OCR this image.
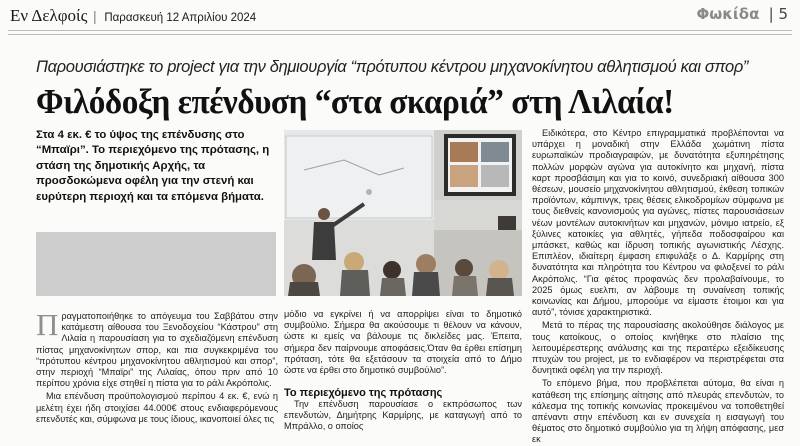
Εν Δελφοίς | Παρασκευή 12 Απριλίου 2024	Φωκίδα | 5
Παρουσιάστηκε το project για την δημιουργία “πρότυπου κέντρου μηχανοκίνητου αθλητισμού και σπορ”
Φιλόδοξη επένδυση “στα σκαριά” στη Λιλαία!

Στα 4 εκ. € το ύψος της επένδυσης στο “Μπαϊρι”. Το περιεχόμενο της πρότασης, η στάση της δημοτικής Αρχής, τα προσδοκώμενα οφέλη για την στενή και ευρύτερη περιοχή και τα επόμενα βήματα.

Πραγματοποιήθηκε το απόγευμα του Σαββάτου στην κατάμεστη αίθουσα του Ξενοδοχείου “Κάστρου” στη Λιλαία η παρουσίαση για το σχεδιαζόμενη επένδυση πίστας μηχανοκίνητων σπορ, και πια συγκεκριμένα του “πρότυπου κέντρου μηχανοκίνητου αθλητισμού και σπορ”, στην περιοχή “Μπαϊρι” της Λιλαίας, όπου πριν από 10 περίπου χρόνια είχε στηθεί η πίστα για το ράλι Ακρόπολις.

Μια επένδυση προϋπολογισμού περίπου 4 εκ. €, ενώ η μελέτη έχει ήδη στοιχίσει 44.000€ στους ενδιαφερόμενους επενδυτές και, σύμφωνα με τους ίδιους, ικανοποιεί όλες τις

μόδιο να εγκρίνει ή να απορρίψει είναι το δημοτικό συμβούλιο. Σήμερα θα ακούσουμε τι θέλουν να κάνουν, ώστε κι εμείς να βάλουμε τις δικλείδες μας. Έπειτα, σήμερα δεν παίρνουμε αποφάσεις.Όταν θα έρθει επίσημη πρόταση, τότε θα εξετάσουν τα στοιχεία από το Δήμο ώστε να έρθει στο δημοτικό συμβούλιο”.

Το περιεχόμενο της πρότασης

Την επένδυση παρουσίασε ο εκπρόσωπος των επενδυτών, Δημήτρης Καρμίρης, με καταγωγή από το Μπράλλο, ο οποίος

Ειδικότερα, στο Κέντρο επιγραμματικά προβλέπονται να υπάρχει η μοναδική στην Ελλάδα χωμάτινη πίστα ευρωπαϊκών προδιαγραφών, με δυνατότητα εξυπηρέτησης πολλών μορφών αγώνα για αυτοκίνητο και μηχανή, πίστα καρτ προσβάσιμη και για το κοινό, συνεδριακή αίθουσα 300 θέσεων, μουσείο μηχανοκίνητου αθλητισμού, έκθεση τοπικών προϊόντων, κάμπινγκ, τρεις θέσεις ελικοδρομίων σύμφωνα με τους διεθνείς κανονισμούς για αγώνες, πίστες παρουσιάσεων νέων μοντέλων αυτοκινήτων και μηχανών, μόνιμο ιατρείο, εξ ξύλινες κατοικίες για αθλητές, γήπεδα ποδοσφαίρου και μπάσκετ, καθώς και ίδρυση τοπικής αγωνιστικής Λέσχης. Επιπλέον, ιδιαίτερη έμφαση επιφυλάξε ο Δ. Καρμίρης στη δυνατότητα και πληρότητα του Κέντρου να φιλοξενεί το ράλι Ακρόπολις. “Για φέτος προφανώς δεν προλαβαίνουμε, το 2025 όμως ευελπι, αν λάβουμε τη συναίνεση τοπικής κοινωνίας και Δήμου, μπορούμε να είμαστε έτοιμοι και για αυτό”, τόνισε χαρακτηριστικά.

Μετά το πέρας της παρουσίασης ακολούθησε διάλογος με τους κατοίκους, ο οποίος κινήθηκε στο πλαίσιο της λειτουμέρεστερης ανάλυσης και της περαιτέρω εξειδίκευσης πτυχών του project, με το ενδιαφέρον να περιστρέφεται στα δυνητικά οφέλη για την περιοχή.

Το επόμενο βήμα, που προβλέπεται αύτομα, θα είναι η κατάθεση της επίσημης αίτησης από πλευράς επενδυτών, το κάλεσμα της τοπικής κοινωνίας προκειμένου να τοποθετηθεί απέναντι στην επένδυση και εν συνεχεία η εισαγωγή του θέματος στο δημοτικό συμβούλιο για τη λήψη απόφασης, μεσ εκ
